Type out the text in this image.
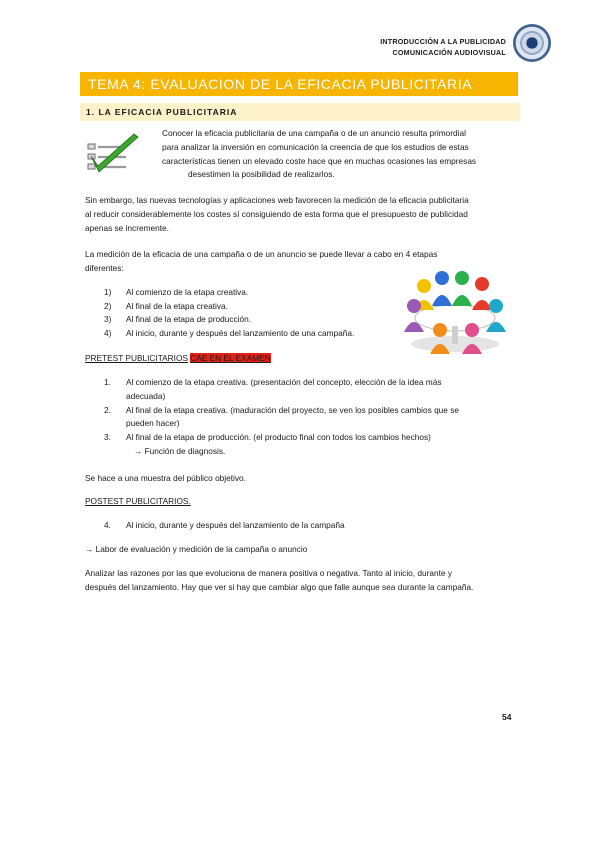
INTRODUCCIÓN A LA PUBLICIDAD
COMUNICACIÓN AUDIOVISUAL
TEMA 4: EVALUACION DE LA EFICACIA PUBLICITARIA
1. LA EFICACIA PUBLICITARIA
Conocer la eficacia publicitaria de una campaña o de un anuncio resulta primordial
para analizar la inversión en comunicación la creencia de que los estudios de estas
características tienen un elevado coste hace que en muchas ocasiones las empresas
desestimen la posibilidad de realizarlos.
Sin embargo, las nuevas tecnologías y aplicaciones web favorecen la medición de la eficacia publicitaria
al reducir considerablemente los costes sí consiguiendo de esta forma que el presupuesto de publicidad
apenas se incremente.
La medición de la eficacia de una campaña o de un anuncio se puede llevar a cabo en 4 etapas
diferentes:
1) Al comienzo de la etapa creativa.
2) Al final de la etapa creativa.
3) Al final de la etapa de producción.
4) Al inicio, durante y después del lanzamiento de una campaña.
PRETEST PUBLICITARIOS CAE EN EL EXAMEN
1. Al comienzo de la etapa creativa. (presentación del concepto, elección de la idea más
adecuada)
2. Al final de la etapa creativa. (maduración del proyecto, se ven los posibles cambios que se
pueden hacer)
3. Al final de la etapa de producción. (el producto final con todos los cambios hechos)
→ Función de diagnosis.
Se hace a una muestra del público objetivo.
POSTEST PUBLICITARIOS.
4. Al inicio, durante y después del lanzamiento de la campaña
→ Labor de evaluación y medición de la campaña o anuncio
Analizar las razones por las que evoluciona de manera positiva o negativa. Tanto al inicio, durante y
después del lanzamiento. Hay que ver si hay que cambiar algo que falle aunque sea durante la campaña.
54
